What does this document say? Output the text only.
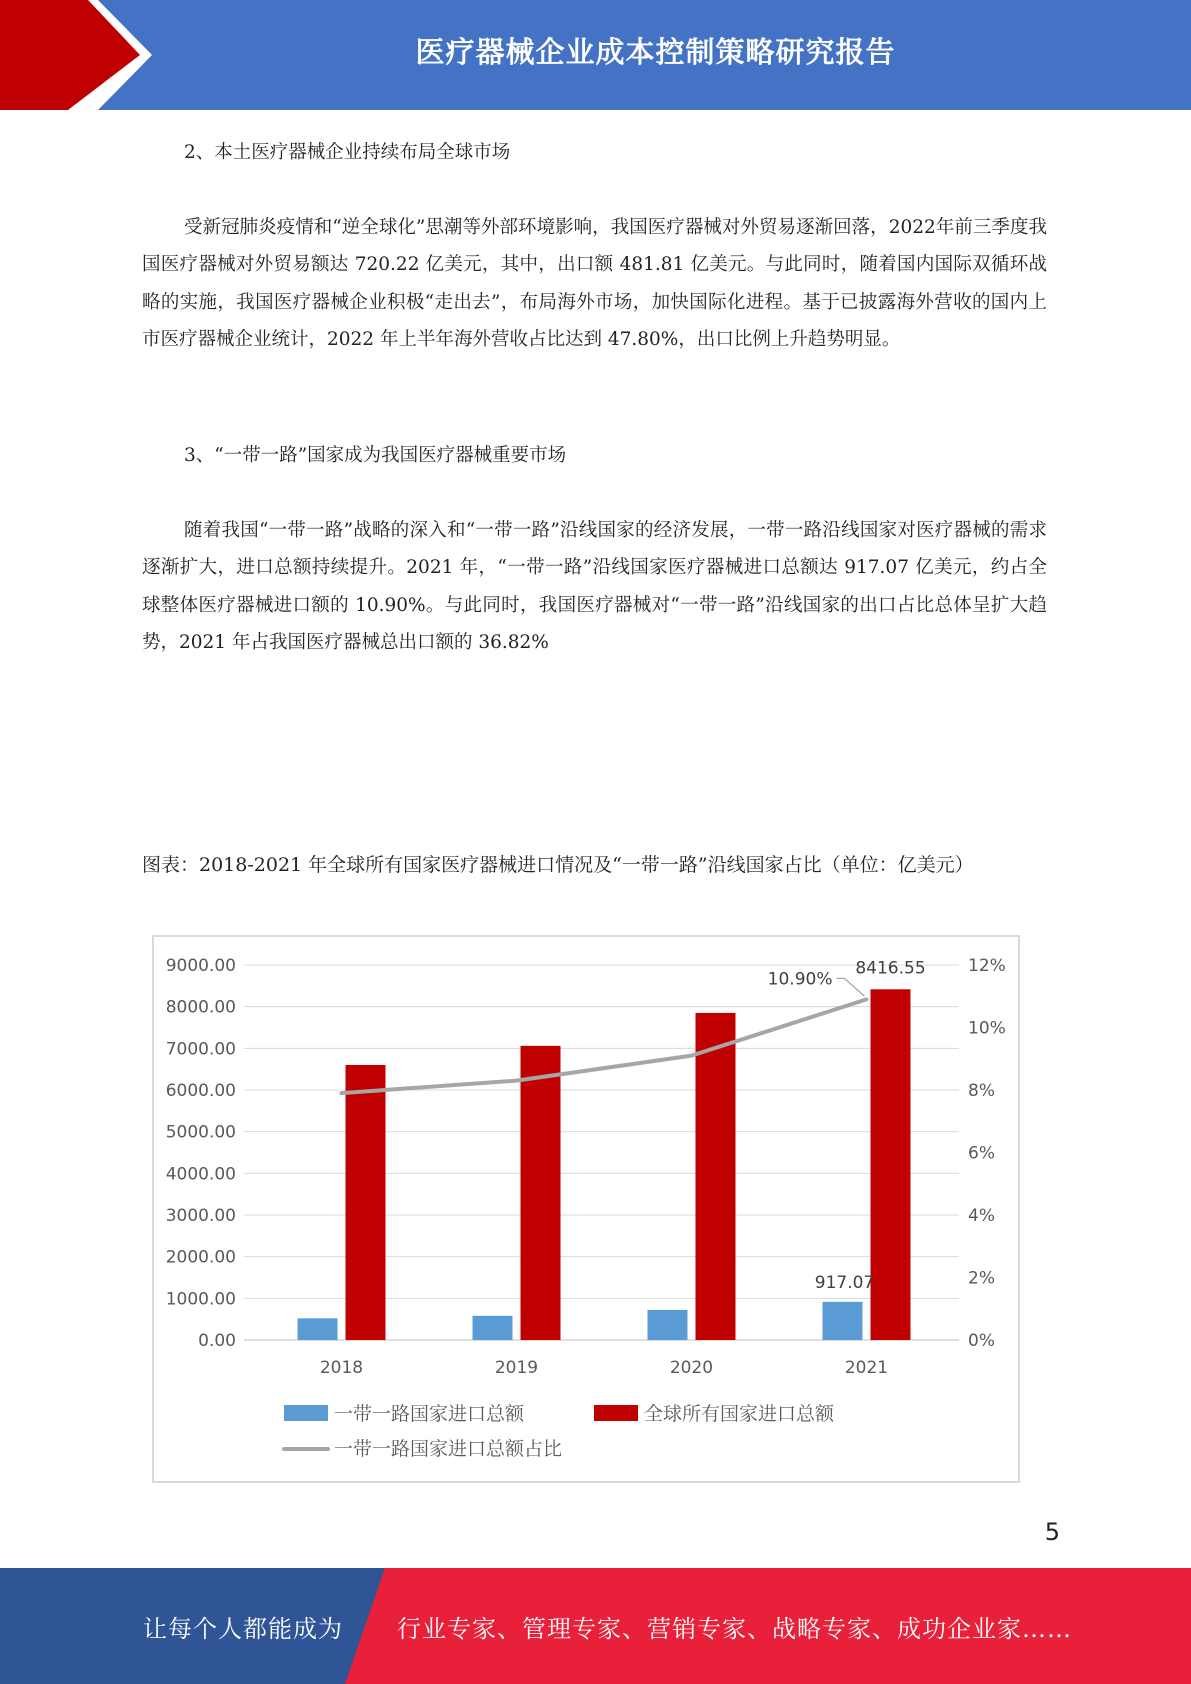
医疗器械企业成本控制策略研究报告

2、本土医疗器械企业持续布局全球市场

受新冠肺炎疫情和“逆全球化”思潮等外部环境影响，我国医疗器械对外贸易逐渐回落，2022年前三季度我国医疗器械对外贸易额达 720.22 亿美元，其中，出口额 481.81 亿美元。与此同时，随着国内国际双循环战略的实施，我国医疗器械企业积极“走出去”，布局海外市场，加快国际化进程。基于已披露海外营收的国内上市医疗器械企业统计，2022 年上半年海外营收占比达到 47.80%，出口比例上升趋势明显。

3、“一带一路”国家成为我国医疗器械重要市场

随着我国“一带一路”战略的深入和“一带一路”沿线国家的经济发展，一带一路沿线国家对医疗器械的需求逐渐扩大，进口总额持续提升。2021 年，“一带一路”沿线国家医疗器械进口总额达 917.07 亿美元，约占全球整体医疗器械进口额的 10.90%。与此同时，我国医疗器械对“一带一路”沿线国家的出口占比总体呈扩大趋势，2021 年占我国医疗器械总出口额的 36.82%

图表：2018-2021 年全球所有国家医疗器械进口情况及“一带一路”沿线国家占比（单位：亿美元）
0.00
1000.00
2000.00
3000.00
4000.00
5000.00
6000.00
7000.00
8000.00
9000.00
0%
2%
4%
6%
8%
10%
12%
2018	2019	2020	2021
917.07
8416.55
10.90%
一带一路国家进口总额	全球所有国家进口总额
一带一路国家进口总额占比
5
让每个人都能成为 行业专家、管理专家、营销专家、战略专家、成功企业家……
